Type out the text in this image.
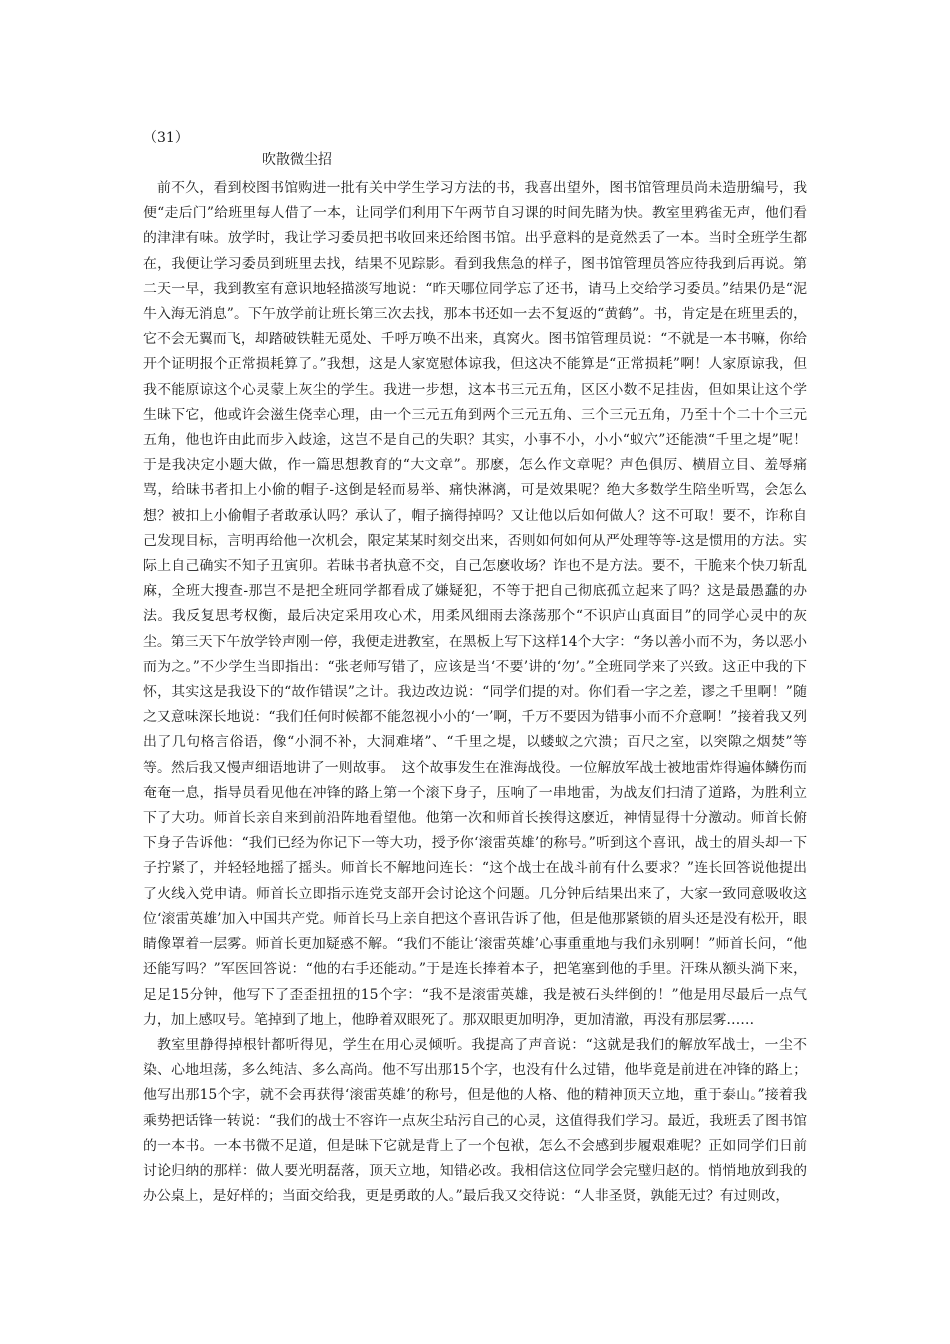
（31）
吹散微尘招

前不久，看到校图书馆购进一批有关中学生学习方法的书，我喜出望外，图书馆管理员尚未造册编号，我便“走后门”给班里每人借了一本，让同学们利用下午两节自习课的时间先睹为快。教室里鸦雀无声，他们看的津津有味。放学时，我让学习委员把书收回来还给图书馆。出乎意料的是竟然丢了一本。当时全班学生都在，我便让学习委员到班里去找，结果不见踪影。看到我焦急的样子，图书馆管理员答应待我到后再说。第二天一早，我到教室有意识地轻描淡写地说：“昨天哪位同学忘了还书，请马上交给学习委员。”结果仍是“泥牛入海无消息”。下午放学前让班长第三次去找，那本书还如一去不复返的“黄鹤”。书，肯定是在班里丢的，它不会无翼而飞，却踏破铁鞋无觅处、千呼万唤不出来，真窝火。图书馆管理员说：“不就是一本书嘛，你给开个证明报个正常损耗算了。”我想，这是人家宽慰体谅我，但这决不能算是“正常损耗”啊！人家原谅我，但我不能原谅这个心灵蒙上灰尘的学生。我进一步想，这本书三元五角，区区小数不足挂齿，但如果让这个学生昧下它，他或许会滋生侥幸心理，由一个三元五角到两个三元五角、三个三元五角，乃至十个二十个三元五角，他也许由此而步入歧途，这岂不是自己的失职？其实，小事不小，小小“蚁穴”还能溃“千里之堤”呢！于是我决定小题大做，作一篇思想教育的“大文章”。那麽，怎么作文章呢？声色俱厉、横眉立目、羞辱痛骂，给昧书者扣上小偷的帽子-这倒是轻而易举、痛快淋漓，可是效果呢？绝大多数学生陪坐听骂，会怎么想？被扣上小偷帽子者敢承认吗？承认了，帽子摘得掉吗？又让他以后如何做人？这不可取！要不，诈称自己发现目标，言明再给他一次机会，限定某某时刻交出来，否则如何如何从严处理等等-这是惯用的方法。实际上自己确实不知子丑寅卯。若昧书者执意不交，自己怎麽收场？诈也不是方法。要不，干脆来个快刀斩乱麻，全班大搜查-那岂不是把全班同学都看成了嫌疑犯，不等于把自己彻底孤立起来了吗？这是最愚蠢的办法。我反复思考权衡，最后决定采用攻心术，用柔风细雨去涤荡那个“不识庐山真面目”的同学心灵中的灰尘。第三天下午放学铃声刚一停，我便走进教室，在黑板上写下这样14个大字：“务以善小而不为，务以恶小而为之。”不少学生当即指出：“张老师写错了，应该是当‘不要’讲的‘勿’。”全班同学来了兴致。这正中我的下怀，其实这是我设下的“故作错误”之计。我边改边说：“同学们提的对。你们看一字之差，谬之千里啊！”随之又意味深长地说：“我们任何时候都不能忽视小小的‘一’啊，千万不要因为错事小而不介意啊！”接着我又列出了几句格言俗语，像“小洞不补，大洞难堵”、“千里之堤，以蝼蚁之穴溃；百尺之室，以突隙之烟焚”等等。然后我又慢声细语地讲了一则故事。　这个故事发生在淮海战役。一位解放军战士被地雷炸得遍体鳞伤而奄奄一息，指导员看见他在冲锋的路上第一个滚下身子，压响了一串地雷，为战友们扫清了道路，为胜利立下了大功。师首长亲自来到前沿阵地看望他。他第一次和师首长挨得这麽近，神情显得十分激动。师首长俯下身子告诉他：“我们已经为你记下一等大功，授予你‘滚雷英雄’的称号。”听到这个喜讯，战士的眉头却一下子拧紧了，并轻轻地摇了摇头。师首长不解地问连长：“这个战士在战斗前有什么要求？”连长回答说他提出了火线入党申请。师首长立即指示连党支部开会讨论这个问题。几分钟后结果出来了，大家一致同意吸收这位‘滚雷英雄’加入中国共产党。师首长马上亲自把这个喜讯告诉了他，但是他那紧锁的眉头还是没有松开，眼睛像罩着一层雾。师首长更加疑惑不解。“我们不能让‘滚雷英雄’心事重重地与我们永别啊！”师首长问，“他还能写吗？”军医回答说：“他的右手还能动。”于是连长捧着本子，把笔塞到他的手里。汗珠从额头淌下来，足足15分钟，他写下了歪歪扭扭的15个字：“我不是滚雷英雄，我是被石头绊倒的！”他是用尽最后一点气力，加上感叹号。笔掉到了地上，他睁着双眼死了。那双眼更加明净，更加清澈，再没有那层雾……

教室里静得掉根针都听得见，学生在用心灵倾听。我提高了声音说：“这就是我们的解放军战士，一尘不染、心地坦荡，多么纯洁、多么高尚。他不写出那15个字，也没有什么过错，他毕竟是前进在冲锋的路上；他写出那15个字，就不会再获得‘滚雷英雄’的称号，但是他的人格、他的精神顶天立地，重于泰山。”接着我乘势把话锋一转说：“我们的战士不容许一点灰尘玷污自己的心灵，这值得我们学习。最近，我班丢了图书馆的一本书。一本书微不足道，但是昧下它就是背上了一个包袱，怎么不会感到步履艰难呢？正如同学们日前讨论归纳的那样：做人要光明磊落，顶天立地，知错必改。我相信这位同学会完璧归赵的。悄悄地放到我的办公桌上，是好样的；当面交给我，更是勇敢的人。”最后我又交待说：“人非圣贤，孰能无过？有过则改，
